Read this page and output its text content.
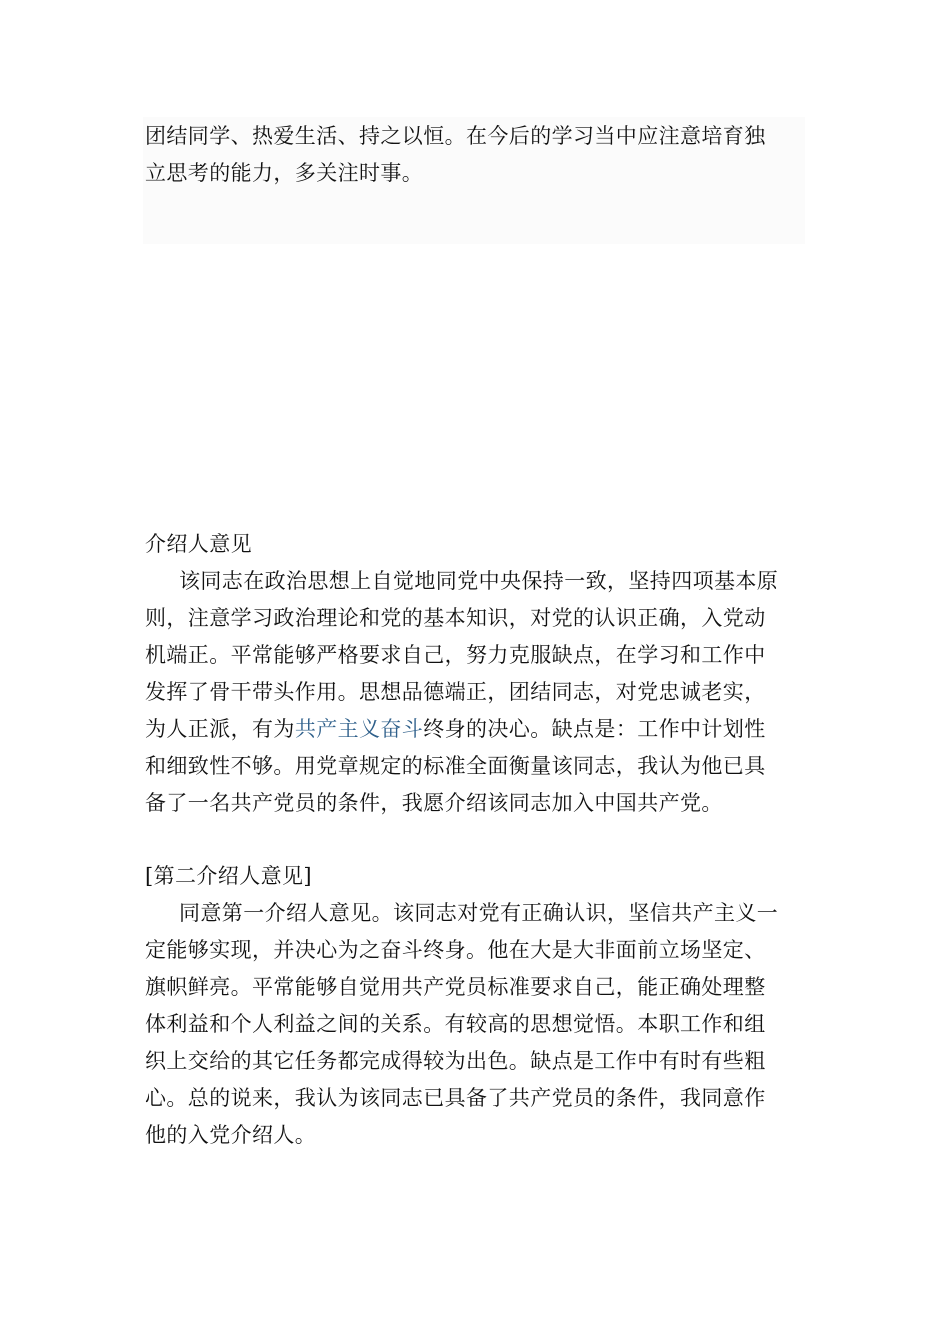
团结同学、热爱生活、持之以恒。在今后的学习当中应注意培育独
立思考的能力，多关注时事。
介绍人意见
该同志在政治思想上自觉地同党中央保持一致，坚持四项基本原
则，注意学习政治理论和党的基本知识，对党的认识正确，入党动
机端正。平常能够严格要求自己，努力克服缺点，在学习和工作中
发挥了骨干带头作用。思想品德端正，团结同志，对党忠诚老实，
为人正派，有为共产主义奋斗终身的决心。缺点是：工作中计划性
和细致性不够。用党章规定的标准全面衡量该同志，我认为他已具
备了一名共产党员的条件，我愿介绍该同志加入中国共产党。
[第二介绍人意见]
同意第一介绍人意见。该同志对党有正确认识，坚信共产主义一
定能够实现，并决心为之奋斗终身。他在大是大非面前立场坚定、
旗帜鲜亮。平常能够自觉用共产党员标准要求自己，能正确处理整
体利益和个人利益之间的关系。有较高的思想觉悟。本职工作和组
织上交给的其它任务都完成得较为出色。缺点是工作中有时有些粗
心。总的说来，我认为该同志已具备了共产党员的条件，我同意作
他的入党介绍人。
